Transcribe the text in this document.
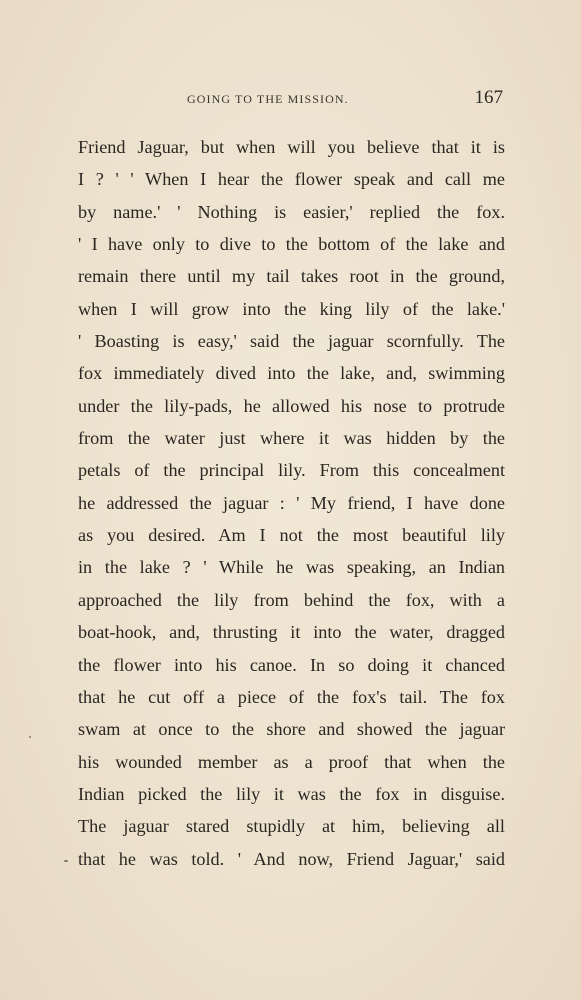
GOING TO THE MISSION.	167
Friend Jaguar, but when will you believe that it is
I ? ' ' When I hear the flower speak and call me
by name.' ' Nothing is easier,' replied the fox.
' I have only to dive to the bottom of the lake and
remain there until my tail takes root in the ground,
when I will grow into the king lily of the lake.'
' Boasting is easy,' said the jaguar scornfully. The
fox immediately dived into the lake, and, swimming
under the lily-pads, he allowed his nose to protrude
from the water just where it was hidden by the
petals of the principal lily. From this concealment
he addressed the jaguar : ' My friend, I have done
as you desired. Am I not the most beautiful lily
in the lake ? ' While he was speaking, an Indian
approached the lily from behind the fox, with a
boat-hook, and, thrusting it into the water, dragged
the flower into his canoe. In so doing it chanced
that he cut off a piece of the fox's tail. The fox
swam at once to the shore and showed the jaguar
his wounded member as a proof that when the
Indian picked the lily it was the fox in disguise.
The jaguar stared stupidly at him, believing all
that he was told. ' And now, Friend Jaguar,' said
